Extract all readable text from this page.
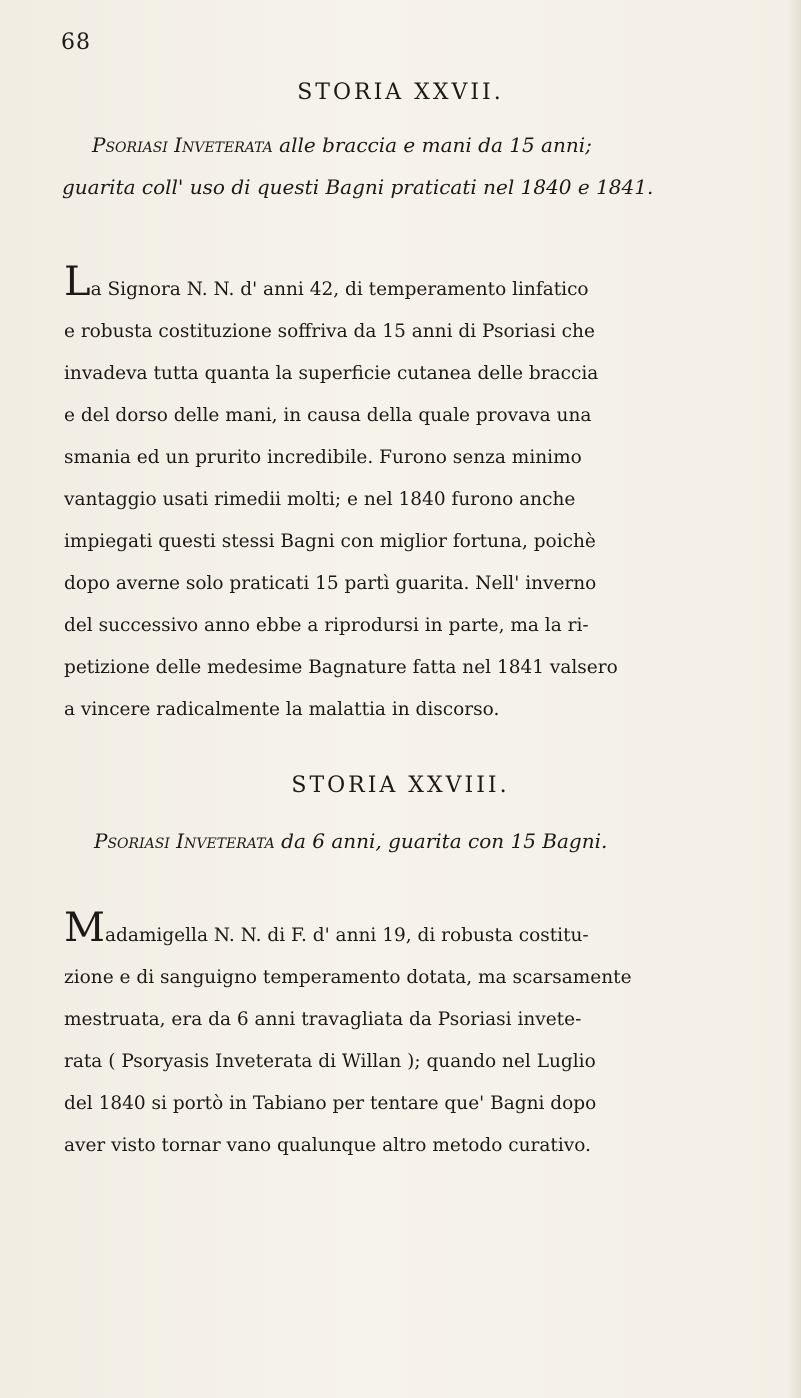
68
STORIA XXVII.
Psoriasi Inveterata alle braccia e mani da 15 anni;
guarita coll' uso di questi Bagni praticati nel 1840 e 1841.
La Signora N. N. d' anni 42, di temperamento linfatico
e robusta costituzione soffriva da 15 anni di Psoriasi che
invadeva tutta quanta la superficie cutanea delle braccia
e del dorso delle mani, in causa della quale provava una
smania ed un prurito incredibile. Furono senza minimo
vantaggio usati rimedii molti; e nel 1840 furono anche
impiegati questi stessi Bagni con miglior fortuna, poichè
dopo averne solo praticati 15 partì guarita. Nell' inverno
del successivo anno ebbe a riprodursi in parte, ma la ri-
petizione delle medesime Bagnature fatta nel 1841 valsero
a vincere radicalmente la malattia in discorso.
STORIA XXVIII.
Psoriasi Inveterata da 6 anni, guarita con 15 Bagni.
Madamigella N. N. di F. d' anni 19, di robusta costitu-
zione e di sanguigno temperamento dotata, ma scarsamente
mestruata, era da 6 anni travagliata da Psoriasi invete-
rata ( Psoryasis Inveterata di Willan ); quando nel Luglio
del 1840 si portò in Tabiano per tentare que' Bagni dopo
aver visto tornar vano qualunque altro metodo curativo.
